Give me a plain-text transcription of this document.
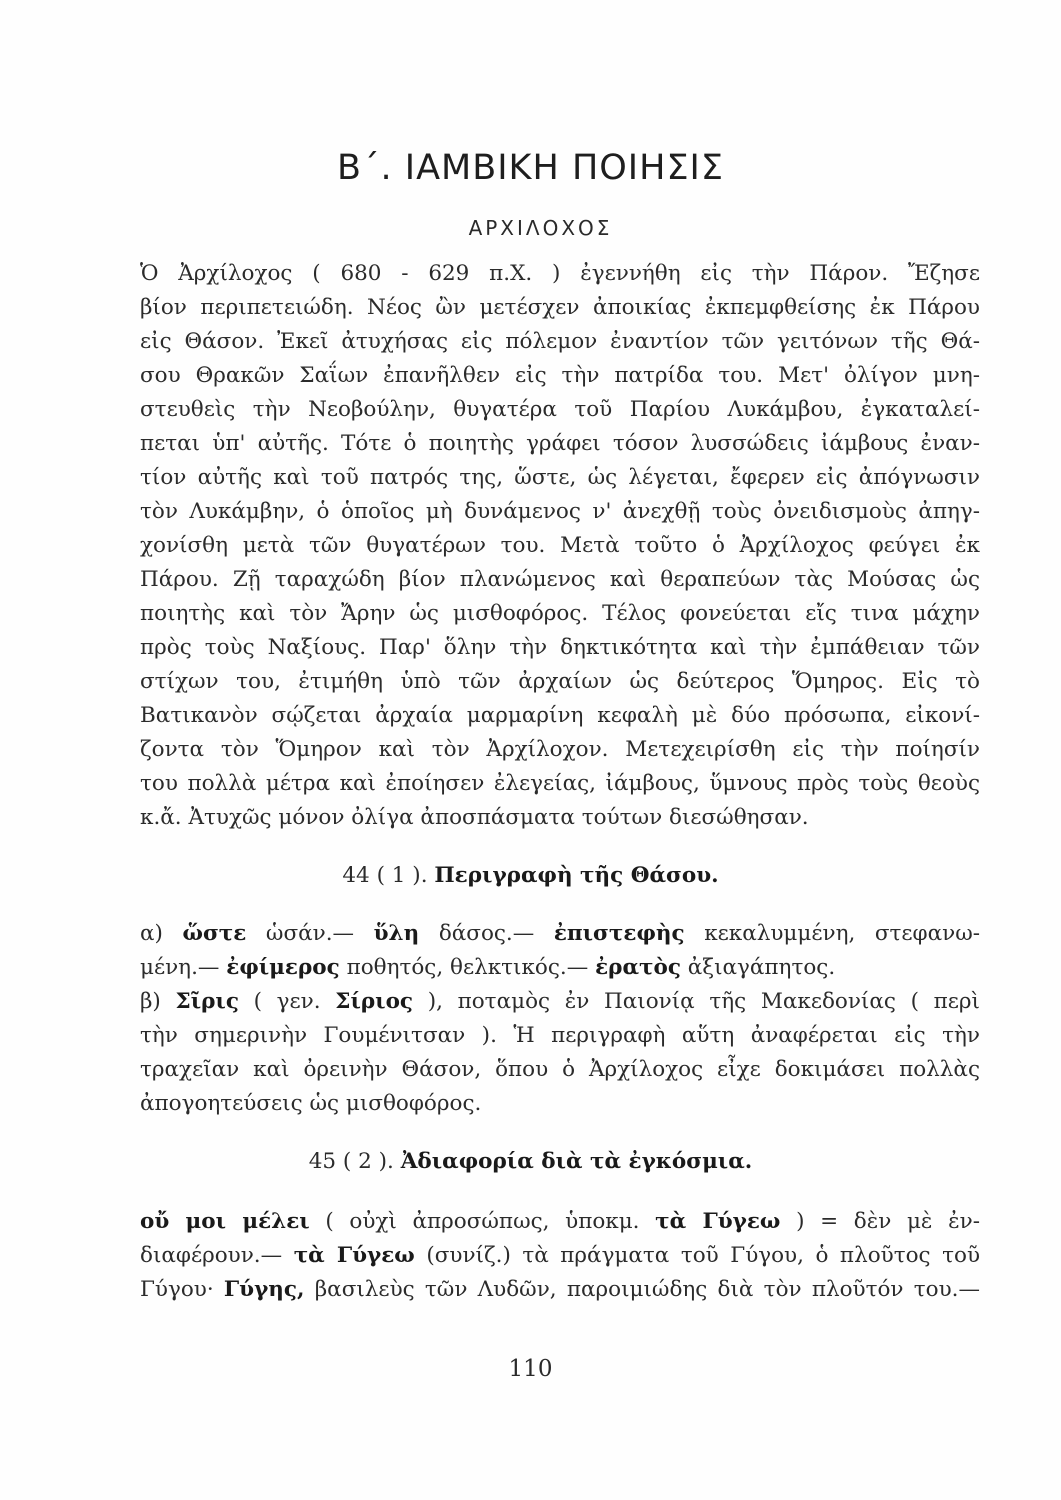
Β΄. ΙΑΜΒΙΚΗ ΠΟΙΗΣΙΣ
ΑΡΧΙΛΟΧΟΣ
Ὁ Ἀρχίλοχος ( 680 - 629 π.Χ. ) ἐγεννήθη εἰς τὴν Πάρον. Ἔζησε
βίον περιπετειώδη. Νέος ὢν μετέσχεν ἀποικίας ἐκπεμφθείσης ἐκ Πάρου
εἰς Θάσον. Ἐκεῖ ἀτυχήσας εἰς πόλεμον ἐναντίον τῶν γειτόνων τῆς Θά-
σου Θρακῶν Σαΐων ἐπανῆλθεν εἰς τὴν πατρίδα του. Μετ' ὀλίγον μνη-
στευθεὶς τὴν Νεοβούλην, θυγατέρα τοῦ Παρίου Λυκάμβου, ἐγκαταλεί-
πεται ὑπ' αὐτῆς. Τότε ὁ ποιητὴς γράφει τόσον λυσσώδεις ἰάμβους ἐναν-
τίον αὐτῆς καὶ τοῦ πατρός της, ὥστε, ὡς λέγεται, ἔφερεν εἰς ἀπόγνωσιν
τὸν Λυκάμβην, ὁ ὁποῖος μὴ δυνάμενος ν' ἀνεχθῇ τοὺς ὀνειδισμοὺς ἀπηγ-
χονίσθη μετὰ τῶν θυγατέρων του. Μετὰ τοῦτο ὁ Ἀρχίλοχος φεύγει ἐκ
Πάρου. Ζῇ ταραχώδη βίον πλανώμενος καὶ θεραπεύων τὰς Μούσας ὡς
ποιητὴς καὶ τὸν Ἄρην ὡς μισθοφόρος. Τέλος φονεύεται εἴς τινα μάχην
πρὸς τοὺς Ναξίους. Παρ' ὅλην τὴν δηκτικότητα καὶ τὴν ἐμπάθειαν τῶν
στίχων του, ἐτιμήθη ὑπὸ τῶν ἀρχαίων ὡς δεύτερος Ὅμηρος. Εἰς τὸ
Βατικανὸν σῴζεται ἀρχαία μαρμαρίνη κεφαλὴ μὲ δύο πρόσωπα, εἰκονί-
ζοντα τὸν Ὅμηρον καὶ τὸν Ἀρχίλοχον. Μετεχειρίσθη εἰς τὴν ποίησίν
του πολλὰ μέτρα καὶ ἐποίησεν ἐλεγείας, ἰάμβους, ὕμνους πρὸς τοὺς θεοὺς
κ.ἄ. Ἀτυχῶς μόνον ὀλίγα ἀποσπάσματα τούτων διεσώθησαν.
44 ( 1 ). Περιγραφὴ τῆς Θάσου.
α) ὥστε ὡσάν.— ὕλη δάσος.— ἐπιστεφὴς κεκαλυμμένη, στεφανω-
μένη.— ἐφίμερος ποθητός, θελκτικός.— ἐρατὸς ἀξιαγάπητος.
β) Σῖρις ( γεν. Σίριος ), ποταμὸς ἐν Παιονίᾳ τῆς Μακεδονίας ( περὶ
τὴν σημερινὴν Γουμένιτσαν ). Ἡ περιγραφὴ αὕτη ἀναφέρεται εἰς τὴν
τραχεῖαν καὶ ὀρεινὴν Θάσον, ὅπου ὁ Ἀρχίλοχος εἶχε δοκιμάσει πολλὰς
ἀπογοητεύσεις ὡς μισθοφόρος.
45 ( 2 ). Ἀδιαφορία διὰ τὰ ἐγκόσμια.
οὔ μοι μέλει ( οὐχὶ ἀπροσώπως, ὑποκμ. τὰ Γύγεω ) = δὲν μὲ ἐν-
διαφέρουν.— τὰ Γύγεω (συνίζ.) τὰ πράγματα τοῦ Γύγου, ὁ πλοῦτος τοῦ
Γύγου· Γύγης, βασιλεὺς τῶν Λυδῶν, παροιμιώδης διὰ τὸν πλοῦτόν του.—
110
